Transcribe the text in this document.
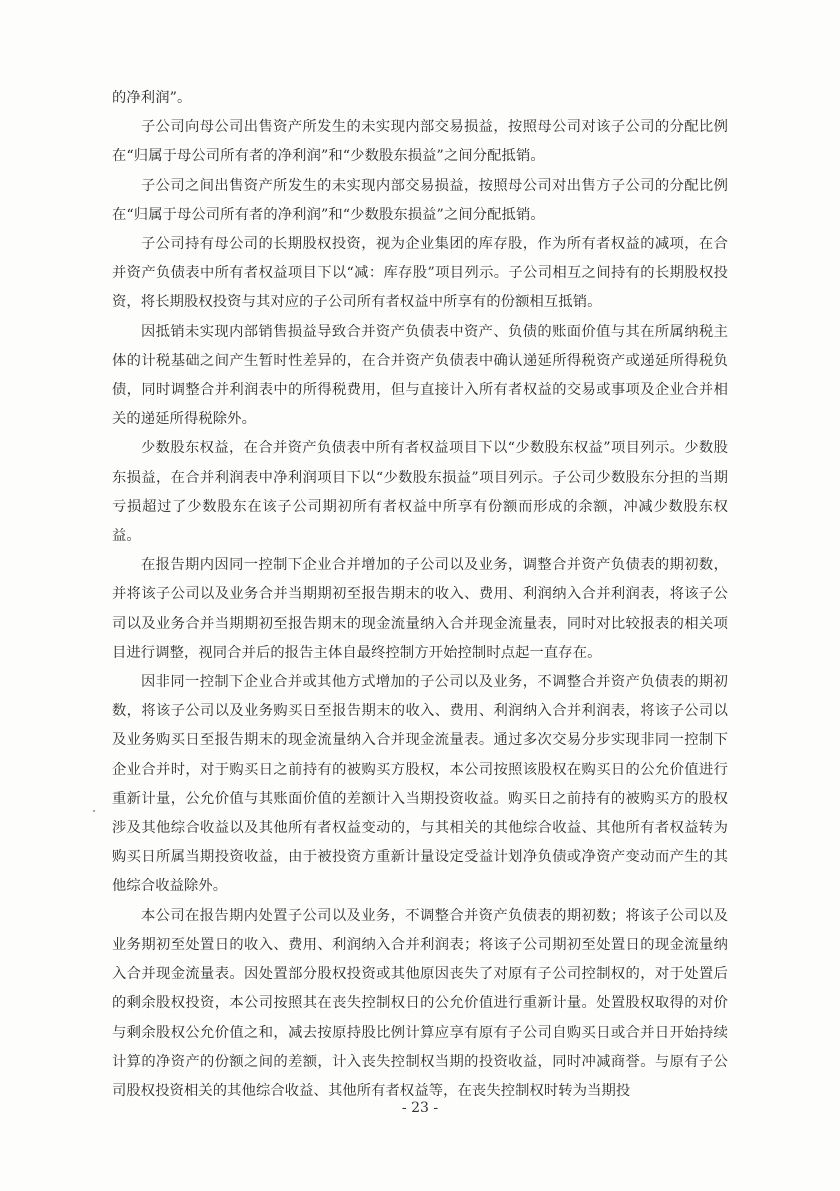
的净利润”。

子公司向母公司出售资产所发生的未实现内部交易损益，按照母公司对该子公司的分配比例在“归属于母公司所有者的净利润”和“少数股东损益”之间分配抵销。

子公司之间出售资产所发生的未实现内部交易损益，按照母公司对出售方子公司的分配比例在“归属于母公司所有者的净利润”和“少数股东损益”之间分配抵销。

子公司持有母公司的长期股权投资，视为企业集团的库存股，作为所有者权益的减项，在合并资产负债表中所有者权益项目下以“减：库存股”项目列示。子公司相互之间持有的长期股权投资，将长期股权投资与其对应的子公司所有者权益中所享有的份额相互抵销。

因抵销未实现内部销售损益导致合并资产负债表中资产、负债的账面价值与其在所属纳税主体的计税基础之间产生暂时性差异的，在合并资产负债表中确认递延所得税资产或递延所得税负债，同时调整合并利润表中的所得税费用，但与直接计入所有者权益的交易或事项及企业合并相关的递延所得税除外。

少数股东权益，在合并资产负债表中所有者权益项目下以“少数股东权益”项目列示。少数股东损益，在合并利润表中净利润项目下以“少数股东损益”项目列示。子公司少数股东分担的当期亏损超过了少数股东在该子公司期初所有者权益中所享有份额而形成的余额，冲减少数股东权益。

在报告期内因同一控制下企业合并增加的子公司以及业务，调整合并资产负债表的期初数，并将该子公司以及业务合并当期期初至报告期末的收入、费用、利润纳入合并利润表，将该子公司以及业务合并当期期初至报告期末的现金流量纳入合并现金流量表，同时对比较报表的相关项目进行调整，视同合并后的报告主体自最终控制方开始控制时点起一直存在。

因非同一控制下企业合并或其他方式增加的子公司以及业务，不调整合并资产负债表的期初数，将该子公司以及业务购买日至报告期末的收入、费用、利润纳入合并利润表，将该子公司以及业务购买日至报告期末的现金流量纳入合并现金流量表。通过多次交易分步实现非同一控制下企业合并时，对于购买日之前持有的被购买方股权，本公司按照该股权在购买日的公允价值进行重新计量，公允价值与其账面价值的差额计入当期投资收益。购买日之前持有的被购买方的股权涉及其他综合收益以及其他所有者权益变动的，与其相关的其他综合收益、其他所有者权益转为购买日所属当期投资收益，由于被投资方重新计量设定受益计划净负债或净资产变动而产生的其他综合收益除外。

本公司在报告期内处置子公司以及业务，不调整合并资产负债表的期初数；将该子公司以及业务期初至处置日的收入、费用、利润纳入合并利润表；将该子公司期初至处置日的现金流量纳入合并现金流量表。因处置部分股权投资或其他原因丧失了对原有子公司控制权的，对于处置后的剩余股权投资，本公司按照其在丧失控制权日的公允价值进行重新计量。处置股权取得的对价与剩余股权公允价值之和，减去按原持股比例计算应享有原有子公司自购买日或合并日开始持续计算的净资产的份额之间的差额，计入丧失控制权当期的投资收益，同时冲减商誉。与原有子公司股权投资相关的其他综合收益、其他所有者权益等，在丧失控制权时转为当期投

- 23 -
